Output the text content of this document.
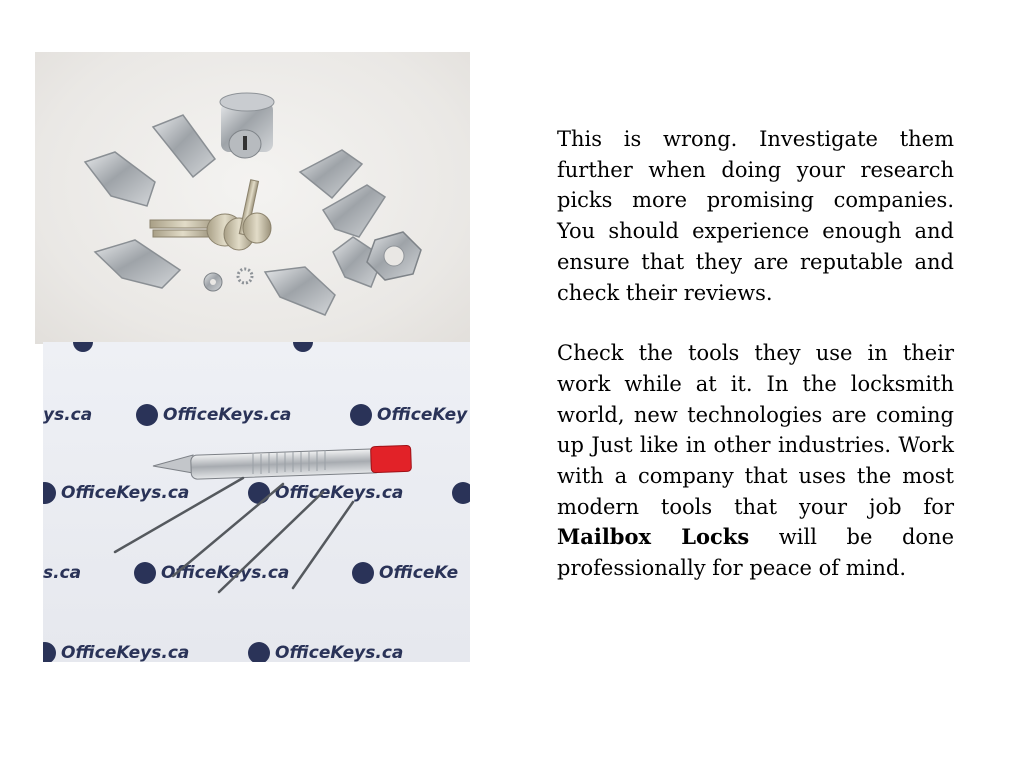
ys.ca	OfficeKeys.ca	OfficeKey
OfficeKeys.ca	OfficeKeys.ca
s.ca	OfficeKeys.ca	OfficeKe
OfficeKeys.ca	OfficeKeys.ca

This is wrong. Investigate them further when doing your research picks more promising companies. You should experience enough and ensure that they are reputable and check their reviews.

Check the tools they use in their work while at it. In the locksmith world, new technologies are coming up Just like in other industries. Work with a company that uses the most modern tools that your job for Mailbox Locks will be done professionally for peace of mind.
